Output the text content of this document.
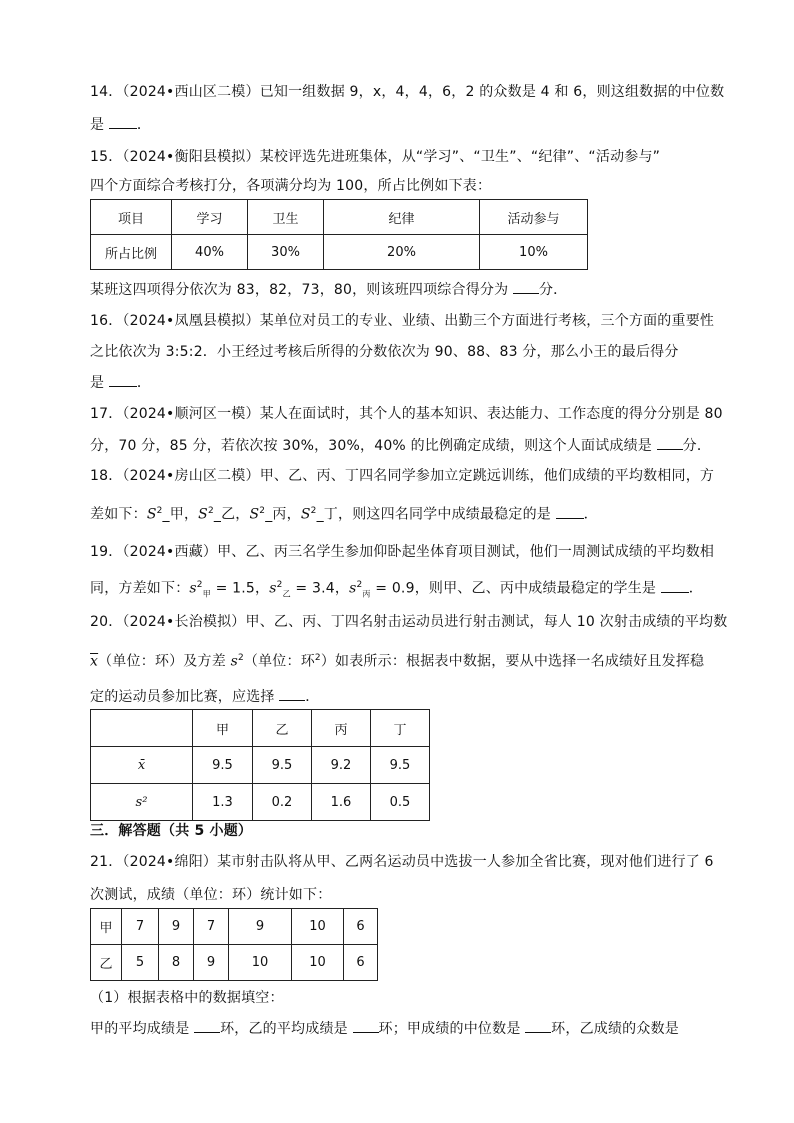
14．（2024•西山区二模）已知一组数据 9，x，4，4，6，2 的众数是 4 和 6，则这组数据的中位数
是 ．
15．（2024•衡阳县模拟）某校评选先进班集体，从“学习”、“卫生”、“纪律”、“活动参与”
四个方面综合考核打分，各项满分均为 100，所占比例如下表：
项目	学习	卫生	纪律	活动参与
所占比例	40%	30%	20%	10%
某班这四项得分依次为 83，82，73，80，则该班四项综合得分为 分．
16．（2024•凤凰县模拟）某单位对员工的专业、业绩、出勤三个方面进行考核，三个方面的重要性
之比依次为 3:5:2．小王经过考核后所得的分数依次为 90、88、83 分，那么小王的最后得分
是 ．
17．（2024•顺河区一模）某人在面试时，其个人的基本知识、表达能力、工作态度的得分分别是 80
分，70 分，85 分，若依次按 30%，30%，40% 的比例确定成绩，则这个人面试成绩是 分．
18．（2024•房山区二模）甲、乙、丙、丁四名同学参加立定跳远训练，他们成绩的平均数相同，方
差如下：$S^2\_$甲，$S^2\_$乙，$S^2\_$丙，$S^2\_$丁，则这四名同学中成绩最稳定的是 ．
19．（2024•西藏）甲、乙、丙三名学生参加仰卧起坐体育项目测试，他们一周测试成绩的平均数相
同，方差如下：$s^2_甲 = 1.5$，$s^2_乙 = 3.4$，$s^2_丙 = 0.9$，则甲、乙、丙中成绩最稳定的学生是 ．
20．（2024•长治模拟）甲、乙、丙、丁四名射击运动员进行射击测试，每人 10 次射击成绩的平均数
$\overline{x}$（单位：环）及方差 $s^2$（单位：环$^2$）如表所示：根据表中数据，要从中选择一名成绩好且发挥稳
定的运动员参加比赛，应选择 ．
	甲	乙	丙	丁
x̄	9.5	9.5	9.2	9.5
s²	1.3	0.2	1.6	0.5
三．解答题（共 5 小题）
21．（2024•绵阳）某市射击队将从甲、乙两名运动员中选拔一人参加全省比赛，现对他们进行了 6
次测试，成绩（单位：环）统计如下：
甲	7	9	7	9	10	6
乙	5	8	9	10	10	6
（1）根据表格中的数据填空：
甲的平均成绩是 环，乙的平均成绩是 环；甲成绩的中位数是 环，乙成绩的众数是
